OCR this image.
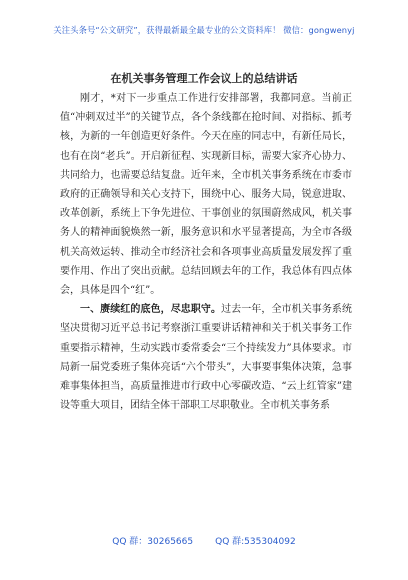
关注头条号“公文研究”，获得最新最全最专业的公文资料库！ 微信：gongwenyj
在机关事务管理工作会议上的总结讲话

刚才，*对下一步重点工作进行安排部署，我都同意。当前正值“冲刺双过半”的关键节点，各个条线都在抢时间、对指标、抓考核，为新的一年创造更好条件。今天在座的同志中，有新任局长，也有在岗“老兵”。开启新征程、实现新目标，需要大家齐心协力、共同给力，也需要总结复盘。近年来，全市机关事务系统在市委市政府的正确领导和关心支持下，围绕中心、服务大局，锐意进取、改革创新，系统上下争先进位、干事创业的氛围蔚然成风，机关事务人的精神面貌焕然一新，服务意识和水平显著提高，为全市各级机关高效运转、推动全市经济社会和各项事业高质量发展发挥了重要作用、作出了突出贡献。总结回顾去年的工作，我总体有四点体会，具体是四个“红”。

一、赓续红的底色，尽忠职守。过去一年，全市机关事务系统坚决贯彻习近平总书记考察浙江重要讲话精神和关于机关事务工作重要指示精神，生动实践市委常委会“三个持续发力”具体要求。市局新一届党委班子集体亮话“六个带头”，大事要事集体决策，急事难事集体担当，高质量推进市行政中心零碳改造、“云上红管家”建设等重大项目，团结全体干部职工尽职敬业。全市机关事务系

QQ 群：30265665 QQ 群:535304092
